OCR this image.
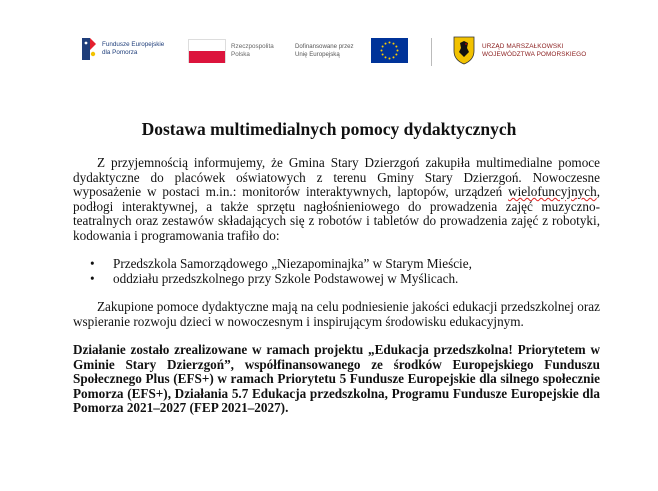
Fundusze Europejskie
dla Pomorza
Rzeczpospolita
Polska
Dofinansowane przez
Unię Europejską
URZĄD MARSZAŁKOWSKI
WOJEWÓDZTWA POMORSKIEGO
Dostawa multimedialnych pomocy dydaktycznych

Z przyjemnością informujemy, że Gmina Stary Dzierzgoń zakupiła multimedialne pomoce dydaktyczne do placówek oświatowych z terenu Gminy Stary Dzierzgoń. Nowoczesne wyposażenie w postaci m.in.: monitorów interaktywnych, laptopów, urządzeń wielofuncyjnych, podłogi interaktywnej, a także sprzętu nagłośnieniowego do prowadzenia zajęć muzyczno-teatralnych oraz zestawów składających się z robotów i tabletów do prowadzenia zajęć z robotyki, kodowania i programowania trafiło do:

• Przedszkola Samorządowego „Niezapominajka” w Starym Mieście,
• oddziału przedszkolnego przy Szkole Podstawowej w Myślicach.

Zakupione pomoce dydaktyczne mają na celu podniesienie jakości edukacji przedszkolnej oraz wspieranie rozwoju dzieci w nowoczesnym i inspirującym środowisku edukacyjnym.

Działanie zostało zrealizowane w ramach projektu „Edukacja przedszkolna! Priorytetem w Gminie Stary Dzierzgoń”, współfinansowanego ze środków Europejskiego Funduszu Społecznego Plus (EFS+) w ramach Priorytetu 5 Fundusze Europejskie dla silnego społecznie Pomorza (EFS+), Działania 5.7 Edukacja przedszkolna, Programu Fundusze Europejskie dla Pomorza 2021–2027 (FEP 2021–2027).
